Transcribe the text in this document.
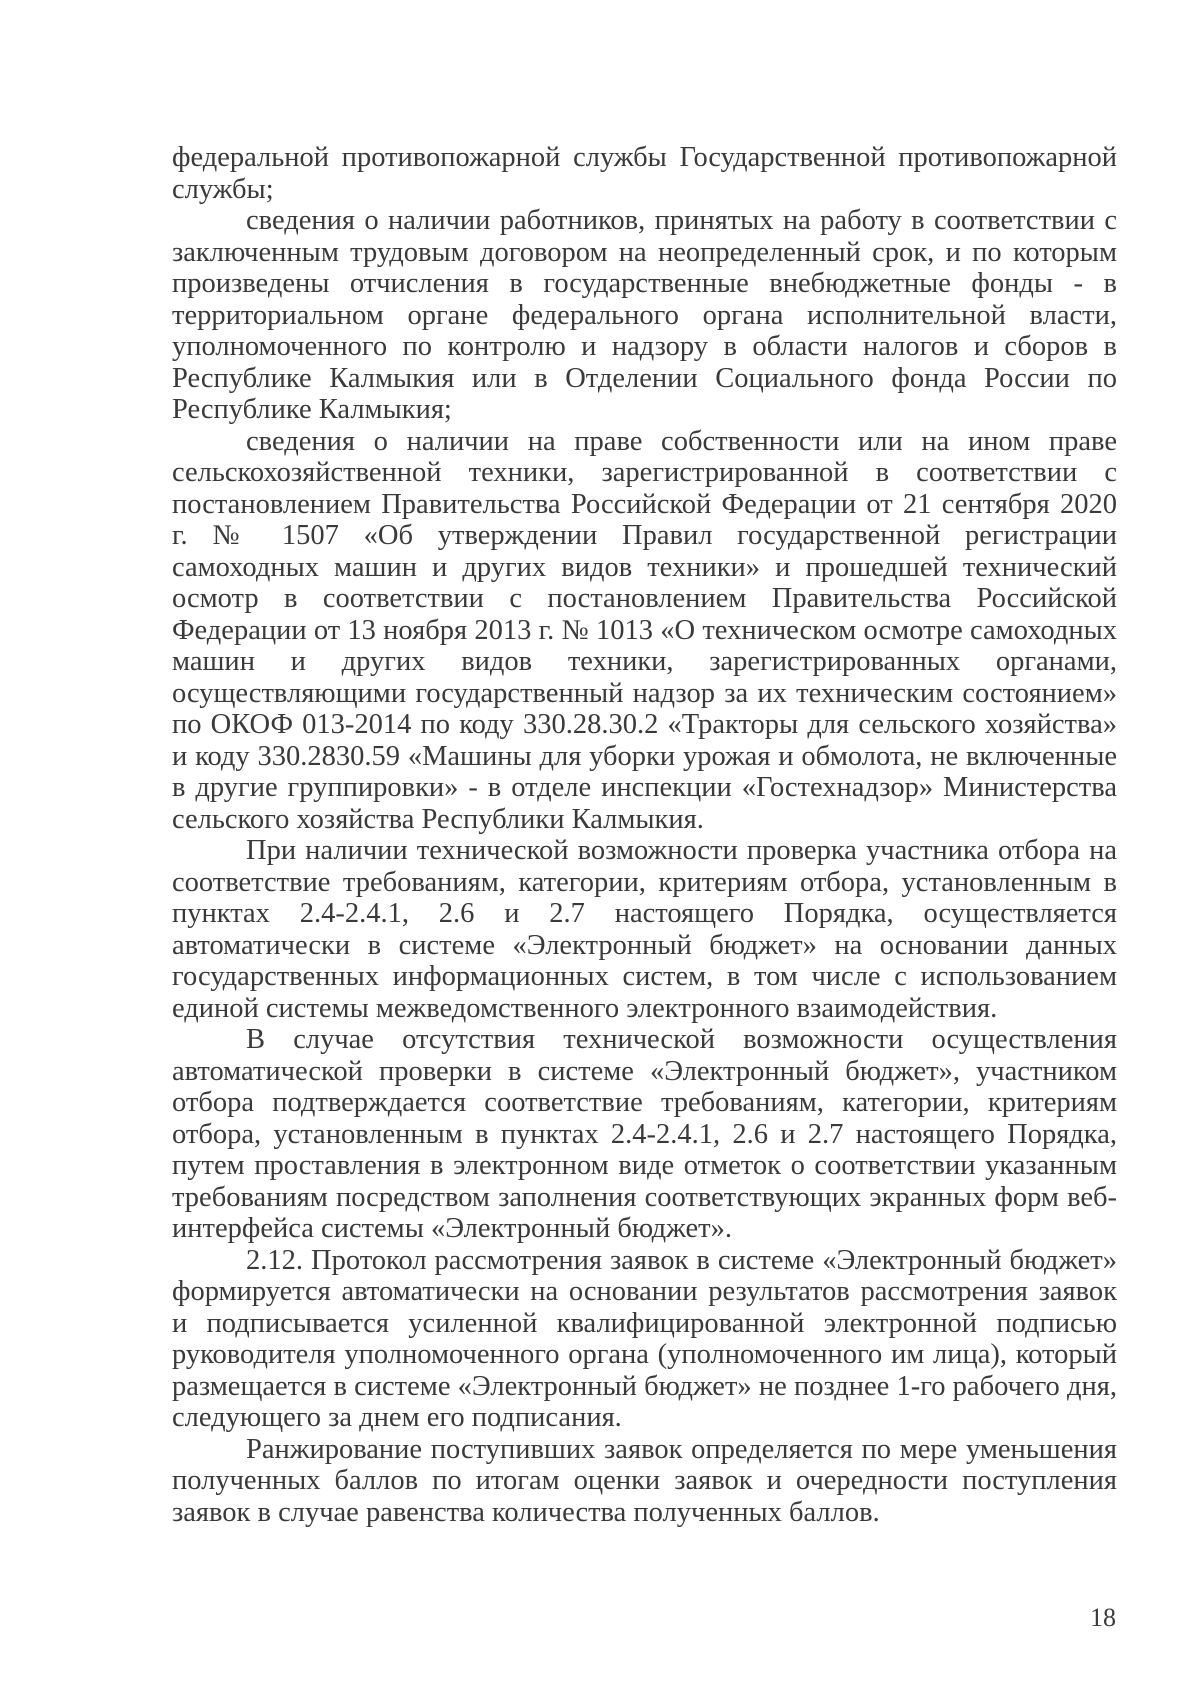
федеральной противопожарной службы Государственной противопожарной службы;

сведения о наличии работников, принятых на работу в соответствии с заключенным трудовым договором на неопределенный срок, и по которым произведены отчисления в государственные внебюджетные фонды - в территориальном органе федерального органа исполнительной власти, уполномоченного по контролю и надзору в области налогов и сборов в Республике Калмыкия или в Отделении Социального фонда России по Республике Калмыкия;

сведения о наличии на праве собственности или на ином праве сельскохозяйственной техники, зарегистрированной в соответствии с постановлением Правительства Российской Федерации от 21 сентября 2020 г. № 1507 «Об утверждении Правил государственной регистрации самоходных машин и других видов техники» и прошедшей технический осмотр в соответствии с постановлением Правительства Российской Федерации от 13 ноября 2013 г. № 1013 «О техническом осмотре самоходных машин и других видов техники, зарегистрированных органами, осуществляющими государственный надзор за их техническим состоянием» по ОКОФ 013-2014 по коду 330.28.30.2 «Тракторы для сельского хозяйства» и коду 330.2830.59 «Машины для уборки урожая и обмолота, не включенные в другие группировки» - в отделе инспекции «Гостехнадзор» Министерства сельского хозяйства Республики Калмыкия.

При наличии технической возможности проверка участника отбора на соответствие требованиям, категории, критериям отбора, установленным в пунктах 2.4-2.4.1, 2.6 и 2.7 настоящего Порядка, осуществляется автоматически в системе «Электронный бюджет» на основании данных государственных информационных систем, в том числе с использованием единой системы межведомственного электронного взаимодействия.

В случае отсутствия технической возможности осуществления автоматической проверки в системе «Электронный бюджет», участником отбора подтверждается соответствие требованиям, категории, критериям отбора, установленным в пунктах 2.4-2.4.1, 2.6 и 2.7 настоящего Порядка, путем проставления в электронном виде отметок о соответствии указанным требованиям посредством заполнения соответствующих экранных форм веб-интерфейса системы «Электронный бюджет».

2.12. Протокол рассмотрения заявок в системе «Электронный бюджет» формируется автоматически на основании результатов рассмотрения заявок и подписывается усиленной квалифицированной электронной подписью руководителя уполномоченного органа (уполномоченного им лица), который размещается в системе «Электронный бюджет» не позднее 1-го рабочего дня, следующего за днем его подписания.

Ранжирование поступивших заявок определяется по мере уменьшения полученных баллов по итогам оценки заявок и очередности поступления заявок в случае равенства количества полученных баллов.

18
